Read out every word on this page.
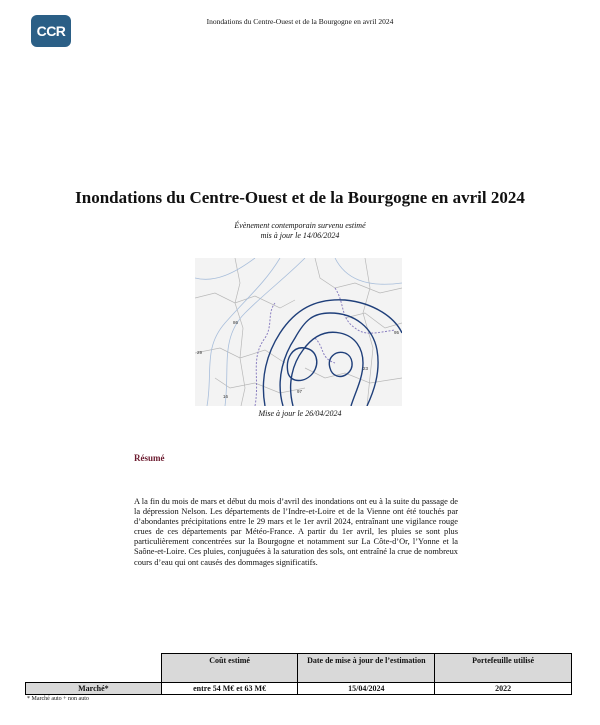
CCR
Inondations du Centre-Ouest et de la Bourgogne en avril 2024
Inondations du Centre-Ouest et de la Bourgogne en avril 2024
Évènement contemporain survenu estimé
mis à jour le 14/06/2024
86
29
16
97
23
95
Mise à jour le 26/04/2024
Résumé
A la fin du mois de mars et début du mois d’avril des inondations ont eu à la suite du passage de la dépression Nelson. Les départements de l’Indre-et-Loire et de la Vienne ont été touchés par d’abondantes précipitations entre le 29 mars et le 1er avril 2024, entraînant une vigilance rouge crues de ces départements par Météo-France. A partir du 1er avril, les pluies se sont plus particulièrement concentrées sur la Bourgogne et notamment sur La Côte-d’Or, l’Yonne et la Saône-et-Loire. Ces pluies, conjuguées à la saturation des sols, ont entraîné la crue de nombreux cours d’eau qui ont causés des dommages significatifs.
	Coût estimé	Date de mise à jour de l’estimation	Portefeuille utilisé
Marché*	entre 54 M€ et 63 M€	15/04/2024	2022
* Marché auto + non auto
